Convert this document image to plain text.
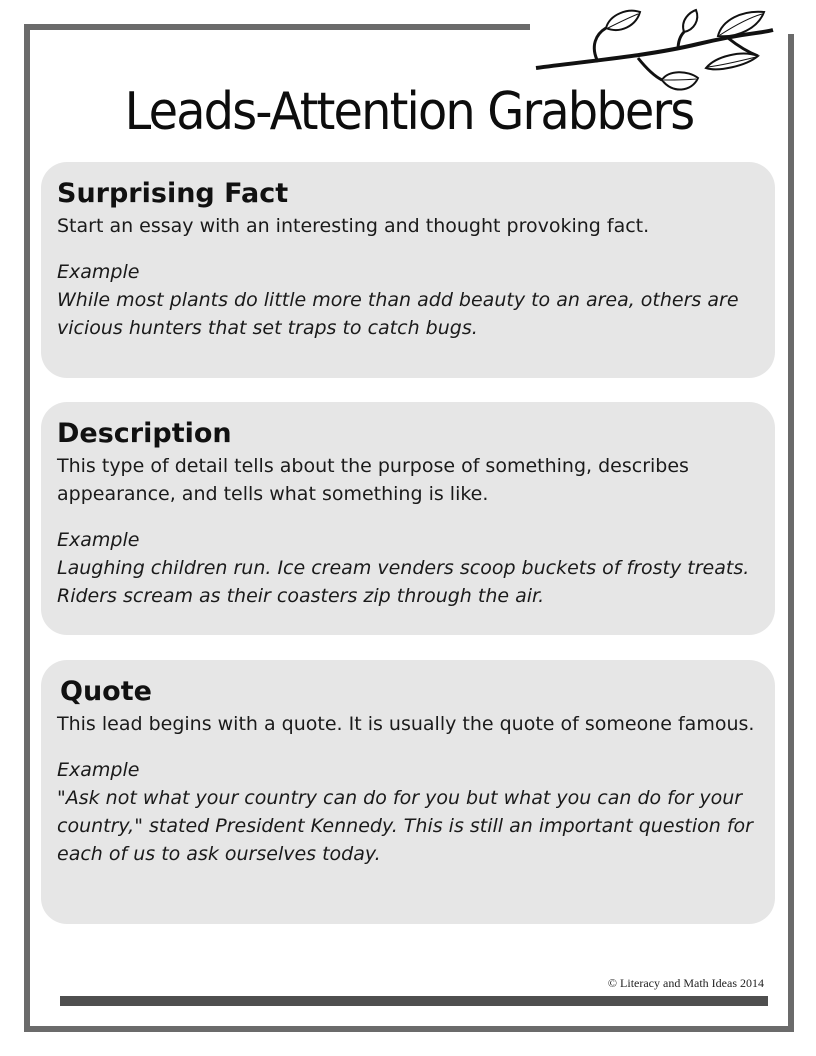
Leads-Attention Grabbers
Surprising Fact

Start an essay with an interesting and thought provoking fact.

Example

While most plants do little more than add beauty to an area, others are vicious hunters that set traps to catch bugs.

Description

This type of detail tells about the purpose of something, describes appearance, and tells what something is like.

Example

Laughing children run. Ice cream venders scoop buckets of frosty treats. Riders scream as their coasters zip through the air.

Quote

This lead begins with a quote. It is usually the quote of someone famous.

Example

"Ask not what your country can do for you but what you can do for your country," stated President Kennedy. This is still an important question for each of us to ask ourselves today.

© Literacy and Math Ideas 2014
